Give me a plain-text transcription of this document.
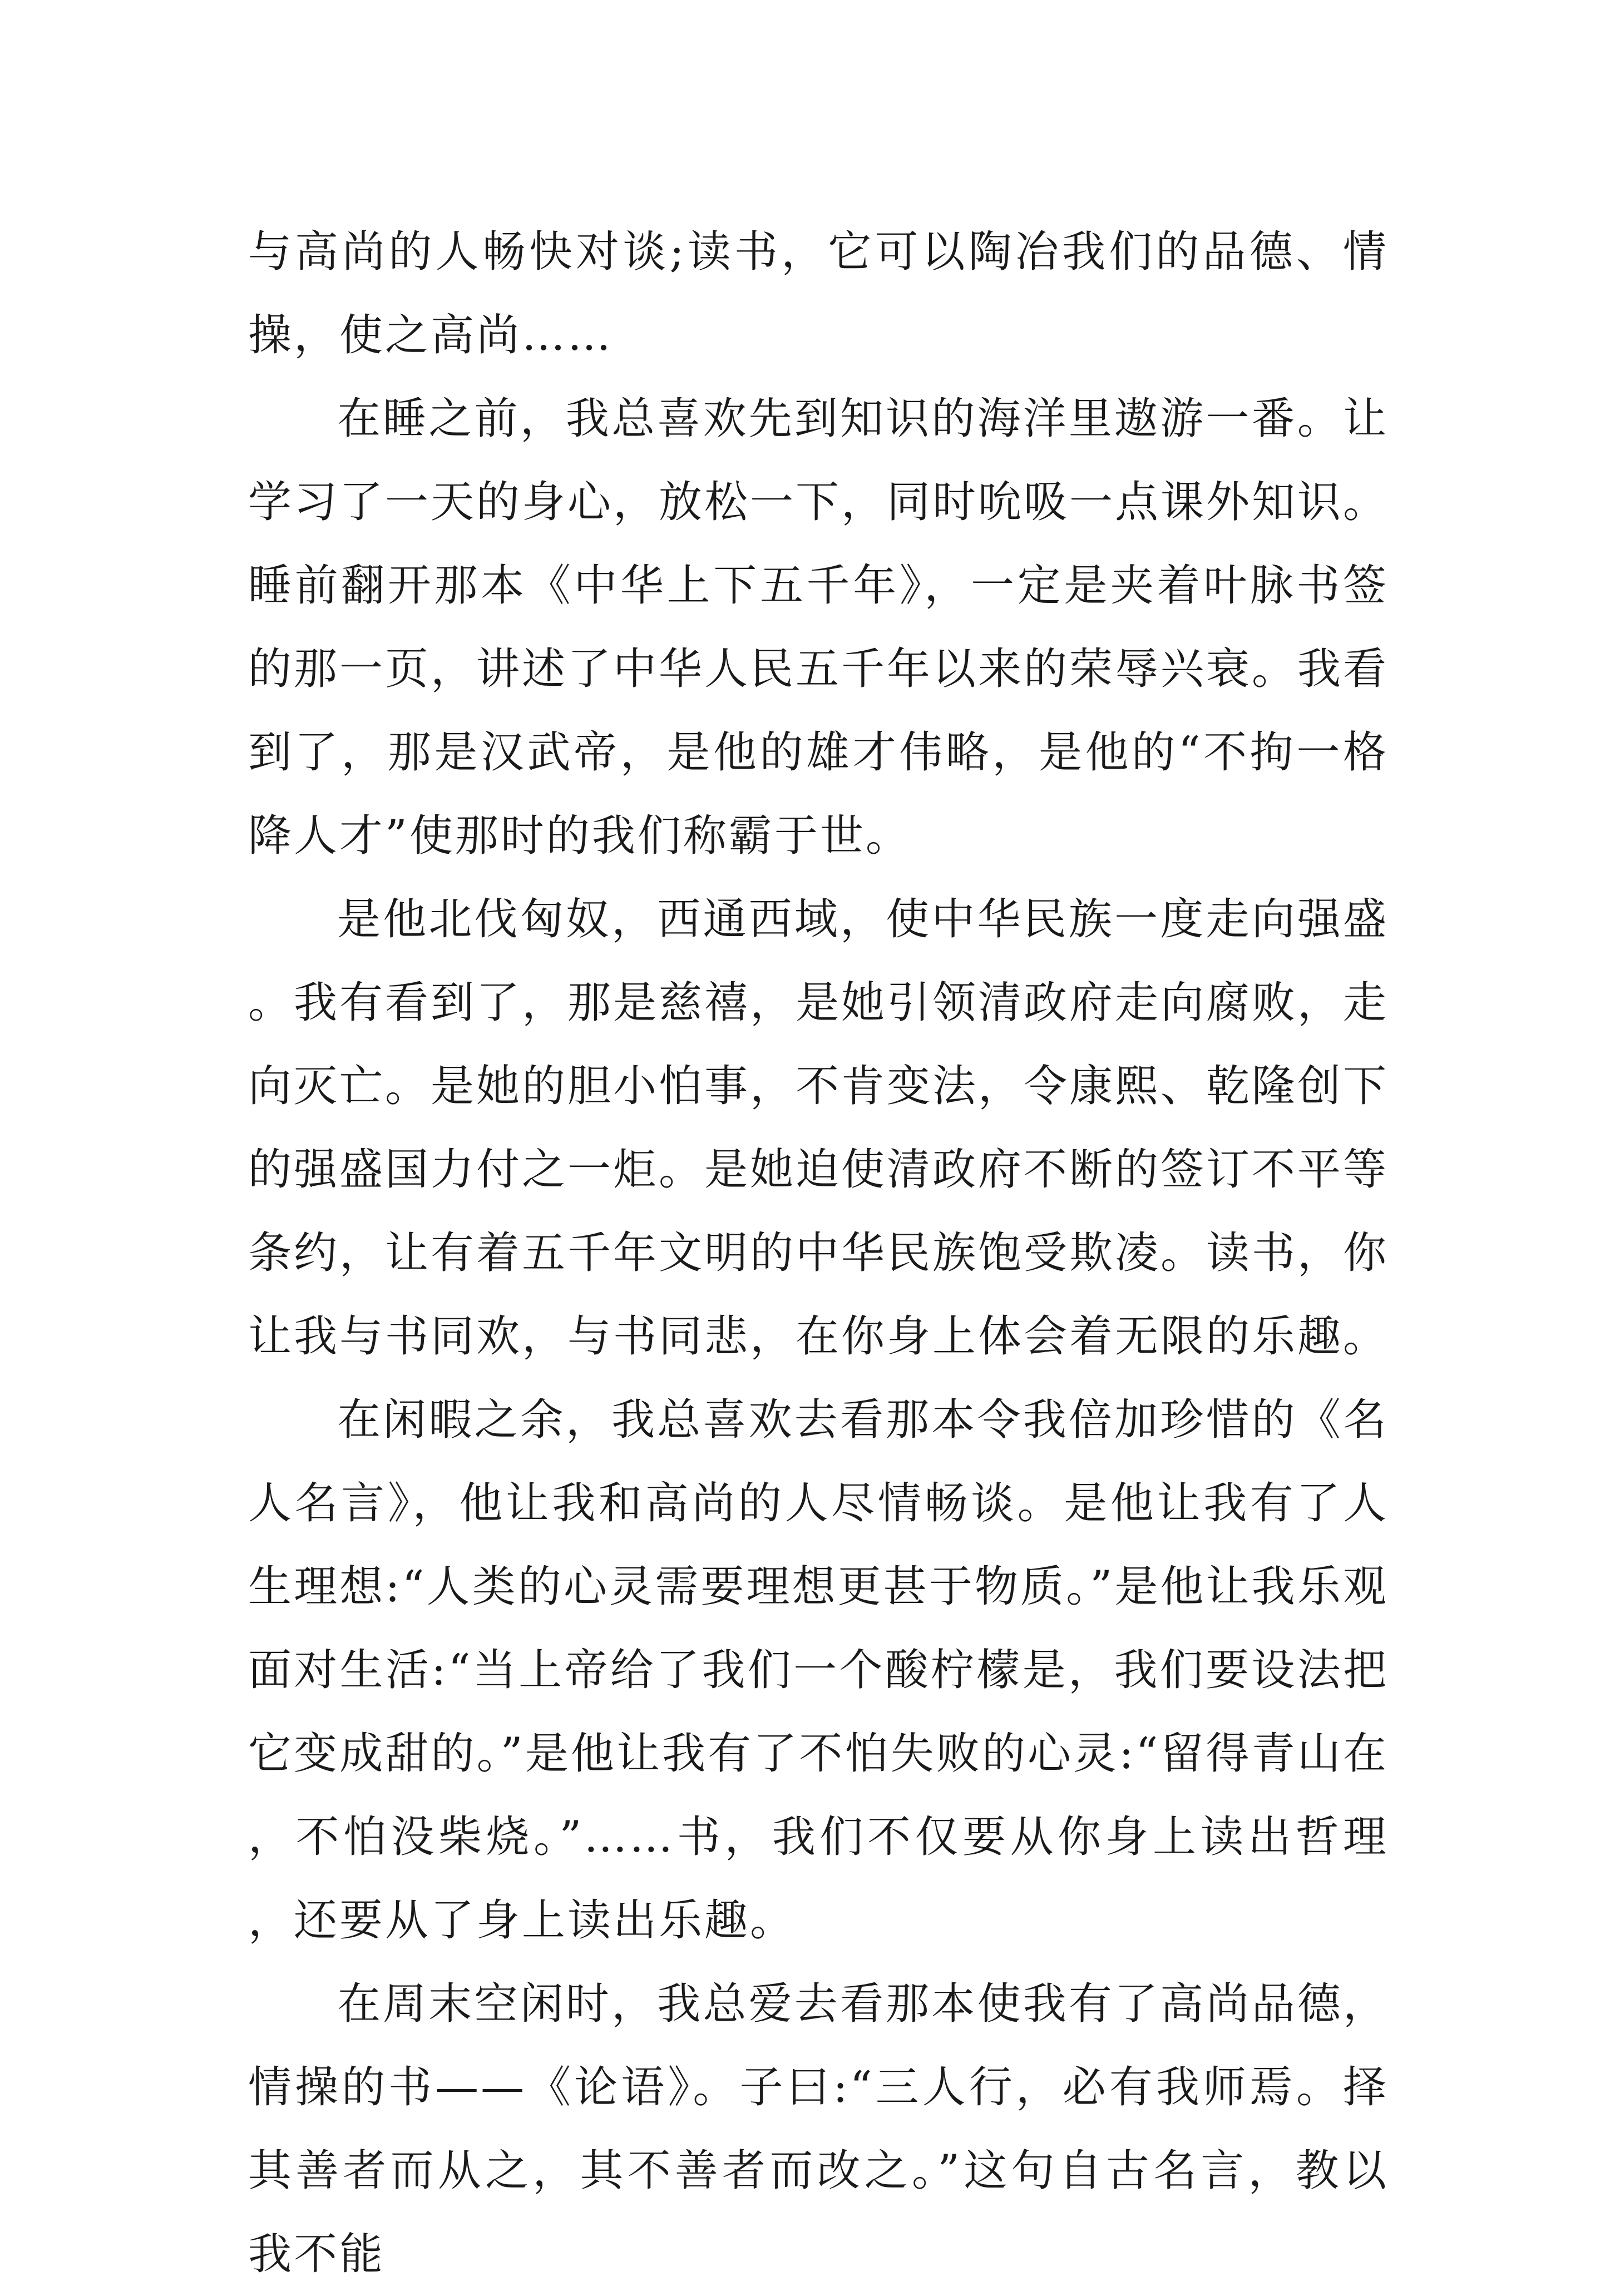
与高尚的人畅快对谈;读书，它可以陶冶我们的品德、情操，使之高尚……

在睡之前，我总喜欢先到知识的海洋里遨游一番。让学习了一天的身心，放松一下，同时吮吸一点课外知识。睡前翻开那本《中华上下五千年》，一定是夹着叶脉书签的那一页，讲述了中华人民五千年以来的荣辱兴衰。我看到了，那是汉武帝，是他的雄才伟略，是他的“不拘一格降人才”使那时的我们称霸于世。

是他北伐匈奴，西通西域，使中华民族一度走向强盛。我有看到了，那是慈禧，是她引领清政府走向腐败，走向灭亡。是她的胆小怕事，不肯变法，令康熙、乾隆创下的强盛国力付之一炬。是她迫使清政府不断的签订不平等条约，让有着五千年文明的中华民族饱受欺凌。读书，你让我与书同欢，与书同悲，在你身上体会着无限的乐趣。

在闲暇之余，我总喜欢去看那本令我倍加珍惜的《名人名言》，他让我和高尚的人尽情畅谈。是他让我有了人生理想:“人类的心灵需要理想更甚于物质。”是他让我乐观面对生活:“当上帝给了我们一个酸柠檬是，我们要设法把它变成甜的。”是他让我有了不怕失败的心灵:“留得青山在，不怕没柴烧。”……书，我们不仅要从你身上读出哲理，还要从了身上读出乐趣。

在周末空闲时，我总爱去看那本使我有了高尚品德，情操的书——《论语》。子曰:“三人行，必有我师焉。择其善者而从之，其不善者而改之。”这句自古名言，教以我不能
